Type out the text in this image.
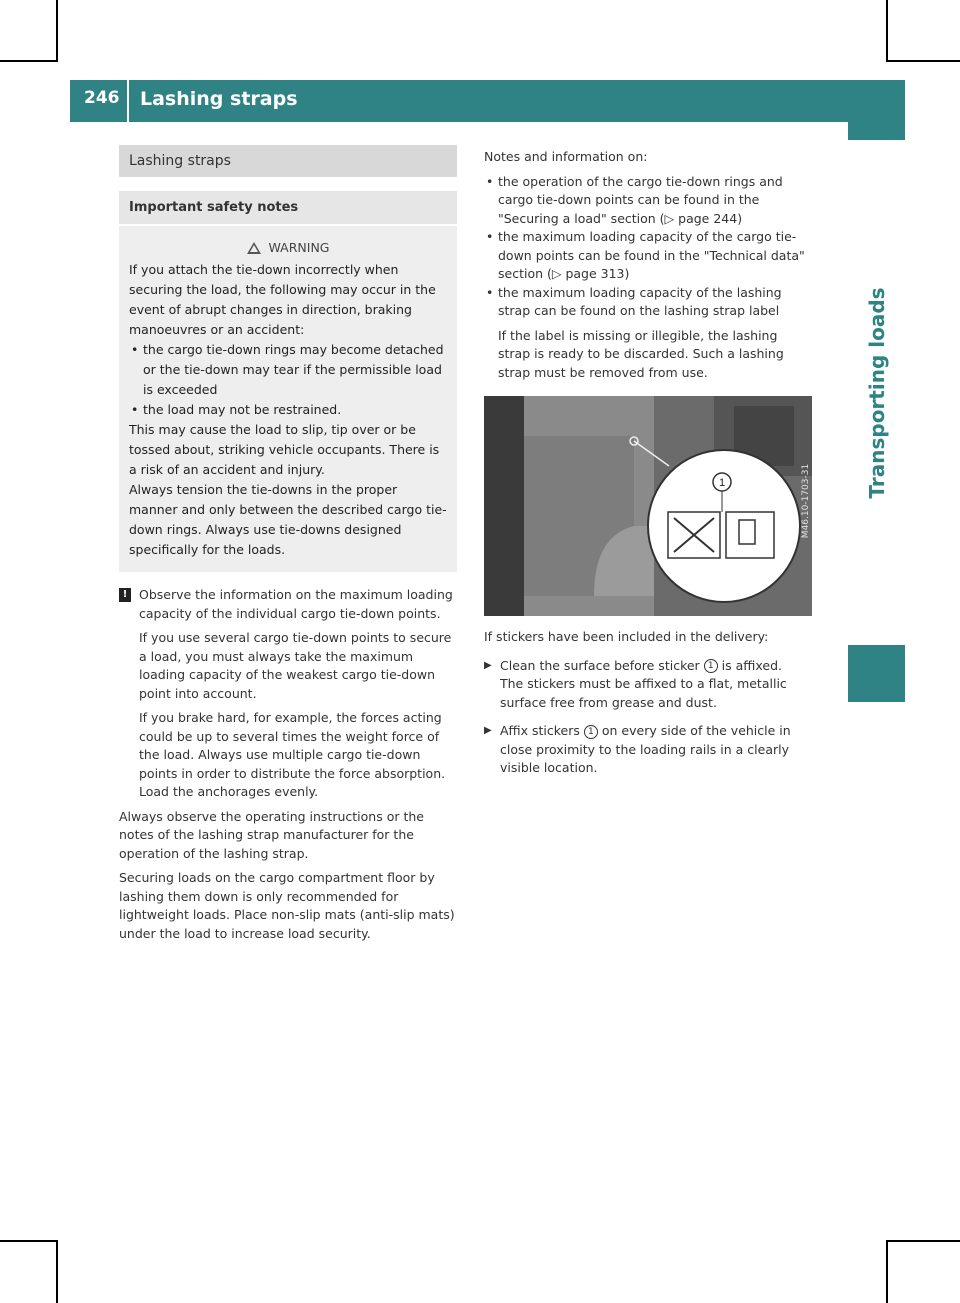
246 Lashing straps
Transporting loads
Lashing straps
Important safety notes
WARNING

If you attach the tie-down incorrectly when securing the load, the following may occur in the event of abrupt changes in direction, braking manoeuvres or an accident:

• the cargo tie-down rings may become detached or the tie-down may tear if the permissible load is exceeded

• the load may not be restrained.

This may cause the load to slip, tip over or be tossed about, striking vehicle occupants. There is a risk of an accident and injury.

Always tension the tie-downs in the proper manner and only between the described cargo tie-down rings. Always use tie-downs designed specifically for the loads.

! Observe the information on the maximum loading capacity of the individual cargo tie-down points.

If you use several cargo tie-down points to secure a load, you must always take the maximum loading capacity of the weakest cargo tie-down point into account.

If you brake hard, for example, the forces acting could be up to several times the weight force of the load. Always use multiple cargo tie-down points in order to distribute the force absorption. Load the anchorages evenly.

Always observe the operating instructions or the notes of the lashing strap manufacturer for the operation of the lashing strap.

Securing loads on the cargo compartment floor by lashing them down is only recommended for lightweight loads. Place non-slip mats (anti-slip mats) under the load to increase load security.

Notes and information on:

• the operation of the cargo tie-down rings and cargo tie-down points can be found in the "Securing a load" section (▷ page 244)

• the maximum loading capacity of the cargo tie-down points can be found in the "Technical data" section (▷ page 313)

• the maximum loading capacity of the lashing strap can be found on the lashing strap label

If the label is missing or illegible, the lashing strap is ready to be discarded. Such a lashing strap must be removed from use.

1	M46.10-1703-31

If stickers have been included in the delivery:

▶ Clean the surface before sticker 1 is affixed.

The stickers must be affixed to a flat, metallic surface free from grease and dust.

▶ Affix stickers 1 on every side of the vehicle in close proximity to the loading rails in a clearly visible location.
